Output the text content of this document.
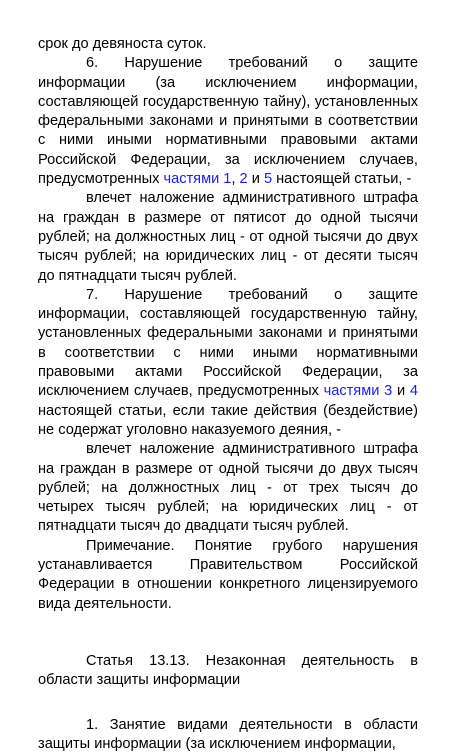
срок до девяноста суток.

6. Нарушение требований о защите информации (за исключением информации, составляющей государственную тайну), установленных федеральными законами и принятыми в соответствии с ними иными нормативными правовыми актами Российской Федерации, за исключением случаев, предусмотренных частями 1, 2 и 5 настоящей статьи, -

влечет наложение административного штрафа на граждан в размере от пятисот до одной тысячи рублей; на должностных лиц - от одной тысячи до двух тысяч рублей; на юридических лиц - от десяти тысяч до пятнадцати тысяч рублей.

7. Нарушение требований о защите информации, составляющей государственную тайну, установленных федеральными законами и принятыми в соответствии с ними иными нормативными правовыми актами Российской Федерации, за исключением случаев, предусмотренных частями 3 и 4 настоящей статьи, если такие действия (бездействие) не содержат уголовно наказуемого деяния, -

влечет наложение административного штрафа на граждан в размере от одной тысячи до двух тысяч рублей; на должностных лиц - от трех тысяч до четырех тысяч рублей; на юридических лиц - от пятнадцати тысяч до двадцати тысяч рублей.

Примечание. Понятие грубого нарушения устанавливается Правительством Российской Федерации в отношении конкретного лицензируемого вида деятельности.

Статья 13.13. Незаконная деятельность в области защиты информации

1. Занятие видами деятельности в области защиты информации (за исключением информации,
